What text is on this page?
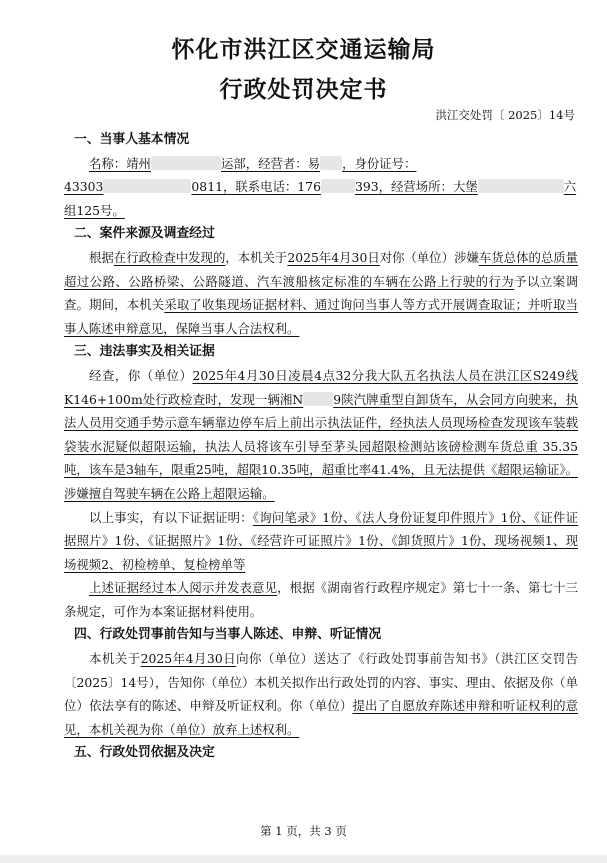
怀化市洪江区交通运输局
行政处罚决定书
洪江交处罚〔 2025〕14号

一、当事人基本情况

名称：靖州	运部，经营者：易 ，身份证号：

43303	0811，联系电话：176	393，经营场所：大堡	六

组125号。

二、案件来源及调查经过

根据在行政检查中发现的，本机关于2025年4月30日对你（单位）涉嫌车货总体的总质量超过公路、公路桥梁、公路隧道、汽车渡船核定标准的车辆在公路上行驶的行为予以立案调查。期间，本机关采取了收集现场证据材料、通过询问当事人等方式开展调查取证；并听取当事人陈述申辩意见，保障当事人合法权利。

三、违法事实及相关证据

经查，你（单位）2025年4月30日凌晨4点32分我大队五名执法人员在洪江区S249线K146+100m处行政检查时，发现一辆湘N 9陕汽牌重型自卸货车，从会同方向驶来，执法人员用交通手势示意车辆靠边停车后上前出示执法证件，经执法人员现场检查发现该车装载袋装水泥疑似超限运输，执法人员将该车引导至茅头园超限检测站该磅检测车货总重 35.35吨，该车是3轴车，限重25吨，超限10.35吨，超重比率41.4%，且无法提供《超限运输证》。涉嫌擅自驾驶车辆在公路上超限运输。

以上事实，有以下证据证明：《询问笔录》1份、《法人身份证复印件照片》1份、《证件证据照片》1份、《证据照片》1份、《经营许可证照片》1份、《卸货照片》1份、现场视频1、现场视频2、初检榜单、复检榜单等

上述证据经过本人阅示并发表意见，根据《湖南省行政程序规定》第七十一条、第七十三条规定，可作为本案证据材料使用。

四、行政处罚事前告知与当事人陈述、申辩、听证情况

本机关于2025年4月30日向你（单位）送达了《行政处罚事前告知书》（洪江区交罚告〔2025〕14号），告知你（单位）本机关拟作出行政处罚的内容、事实、理由、依据及你（单位）依法享有的陈述、申辩及听证权利。你（单位）提出了自愿放弃陈述申辩和听证权利的意见，本机关视为你（单位）放弃上述权利。

五、行政处罚依据及决定

第 1 页，共 3 页
